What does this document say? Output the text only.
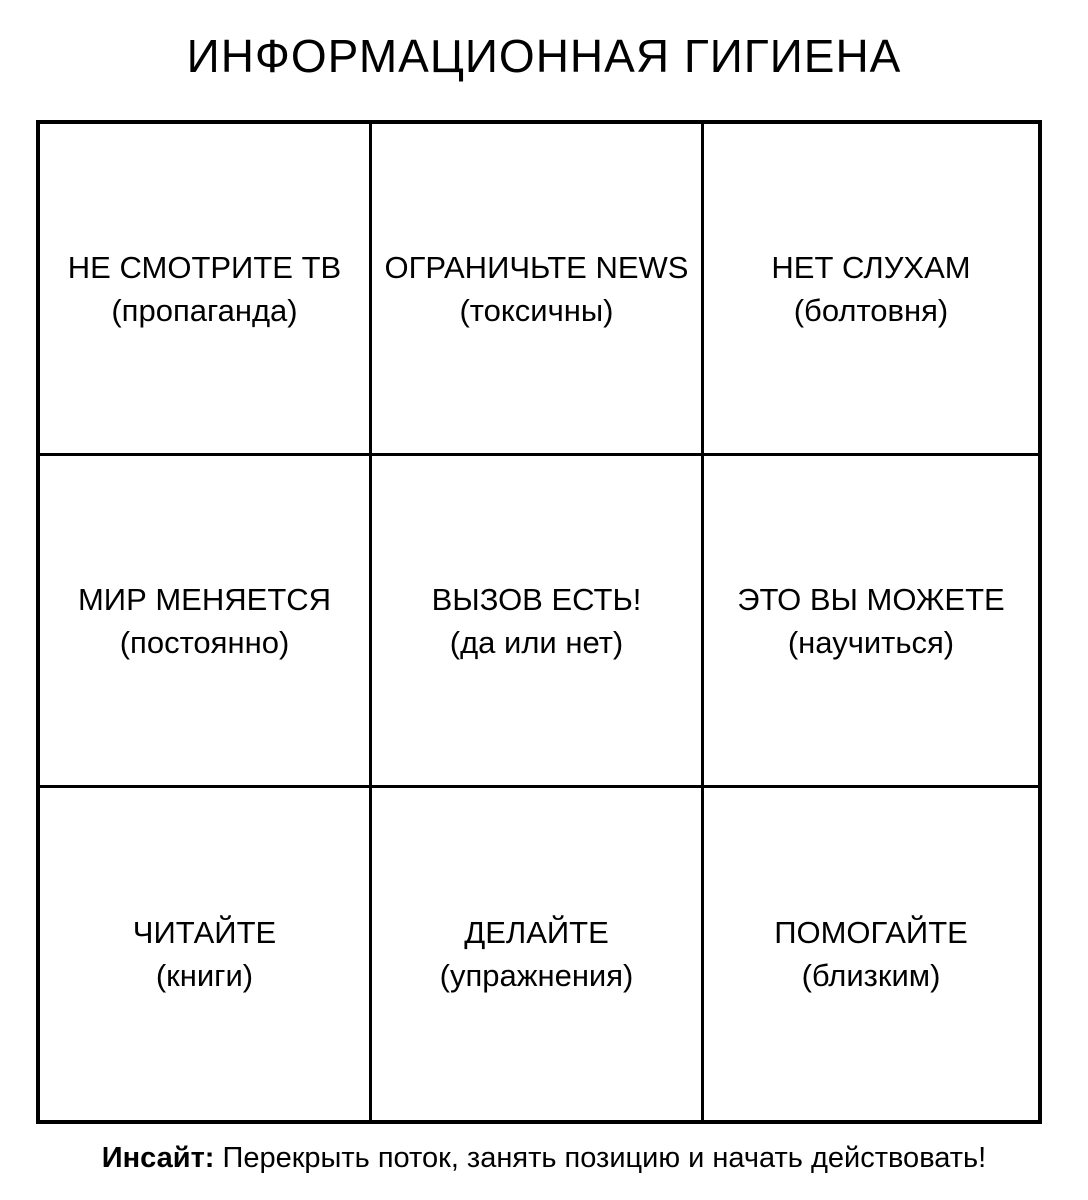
ИНФОРМАЦИОННАЯ ГИГИЕНА
НЕ СМОТРИТЕ ТВ
(пропаганда)
ОГРАНИЧЬТЕ NEWS
(токсичны)
НЕТ СЛУХАМ
(болтовня)
МИР МЕНЯЕТСЯ
(постоянно)
ВЫЗОВ ЕСТЬ!
(да или нет)
ЭТО ВЫ МОЖЕТЕ
(научиться)
ЧИТАЙТЕ
(книги)
ДЕЛАЙТЕ
(упражнения)
ПОМОГАЙТЕ
(близким)
Инсайт: Перекрыть поток, занять позицию и начать действовать!
